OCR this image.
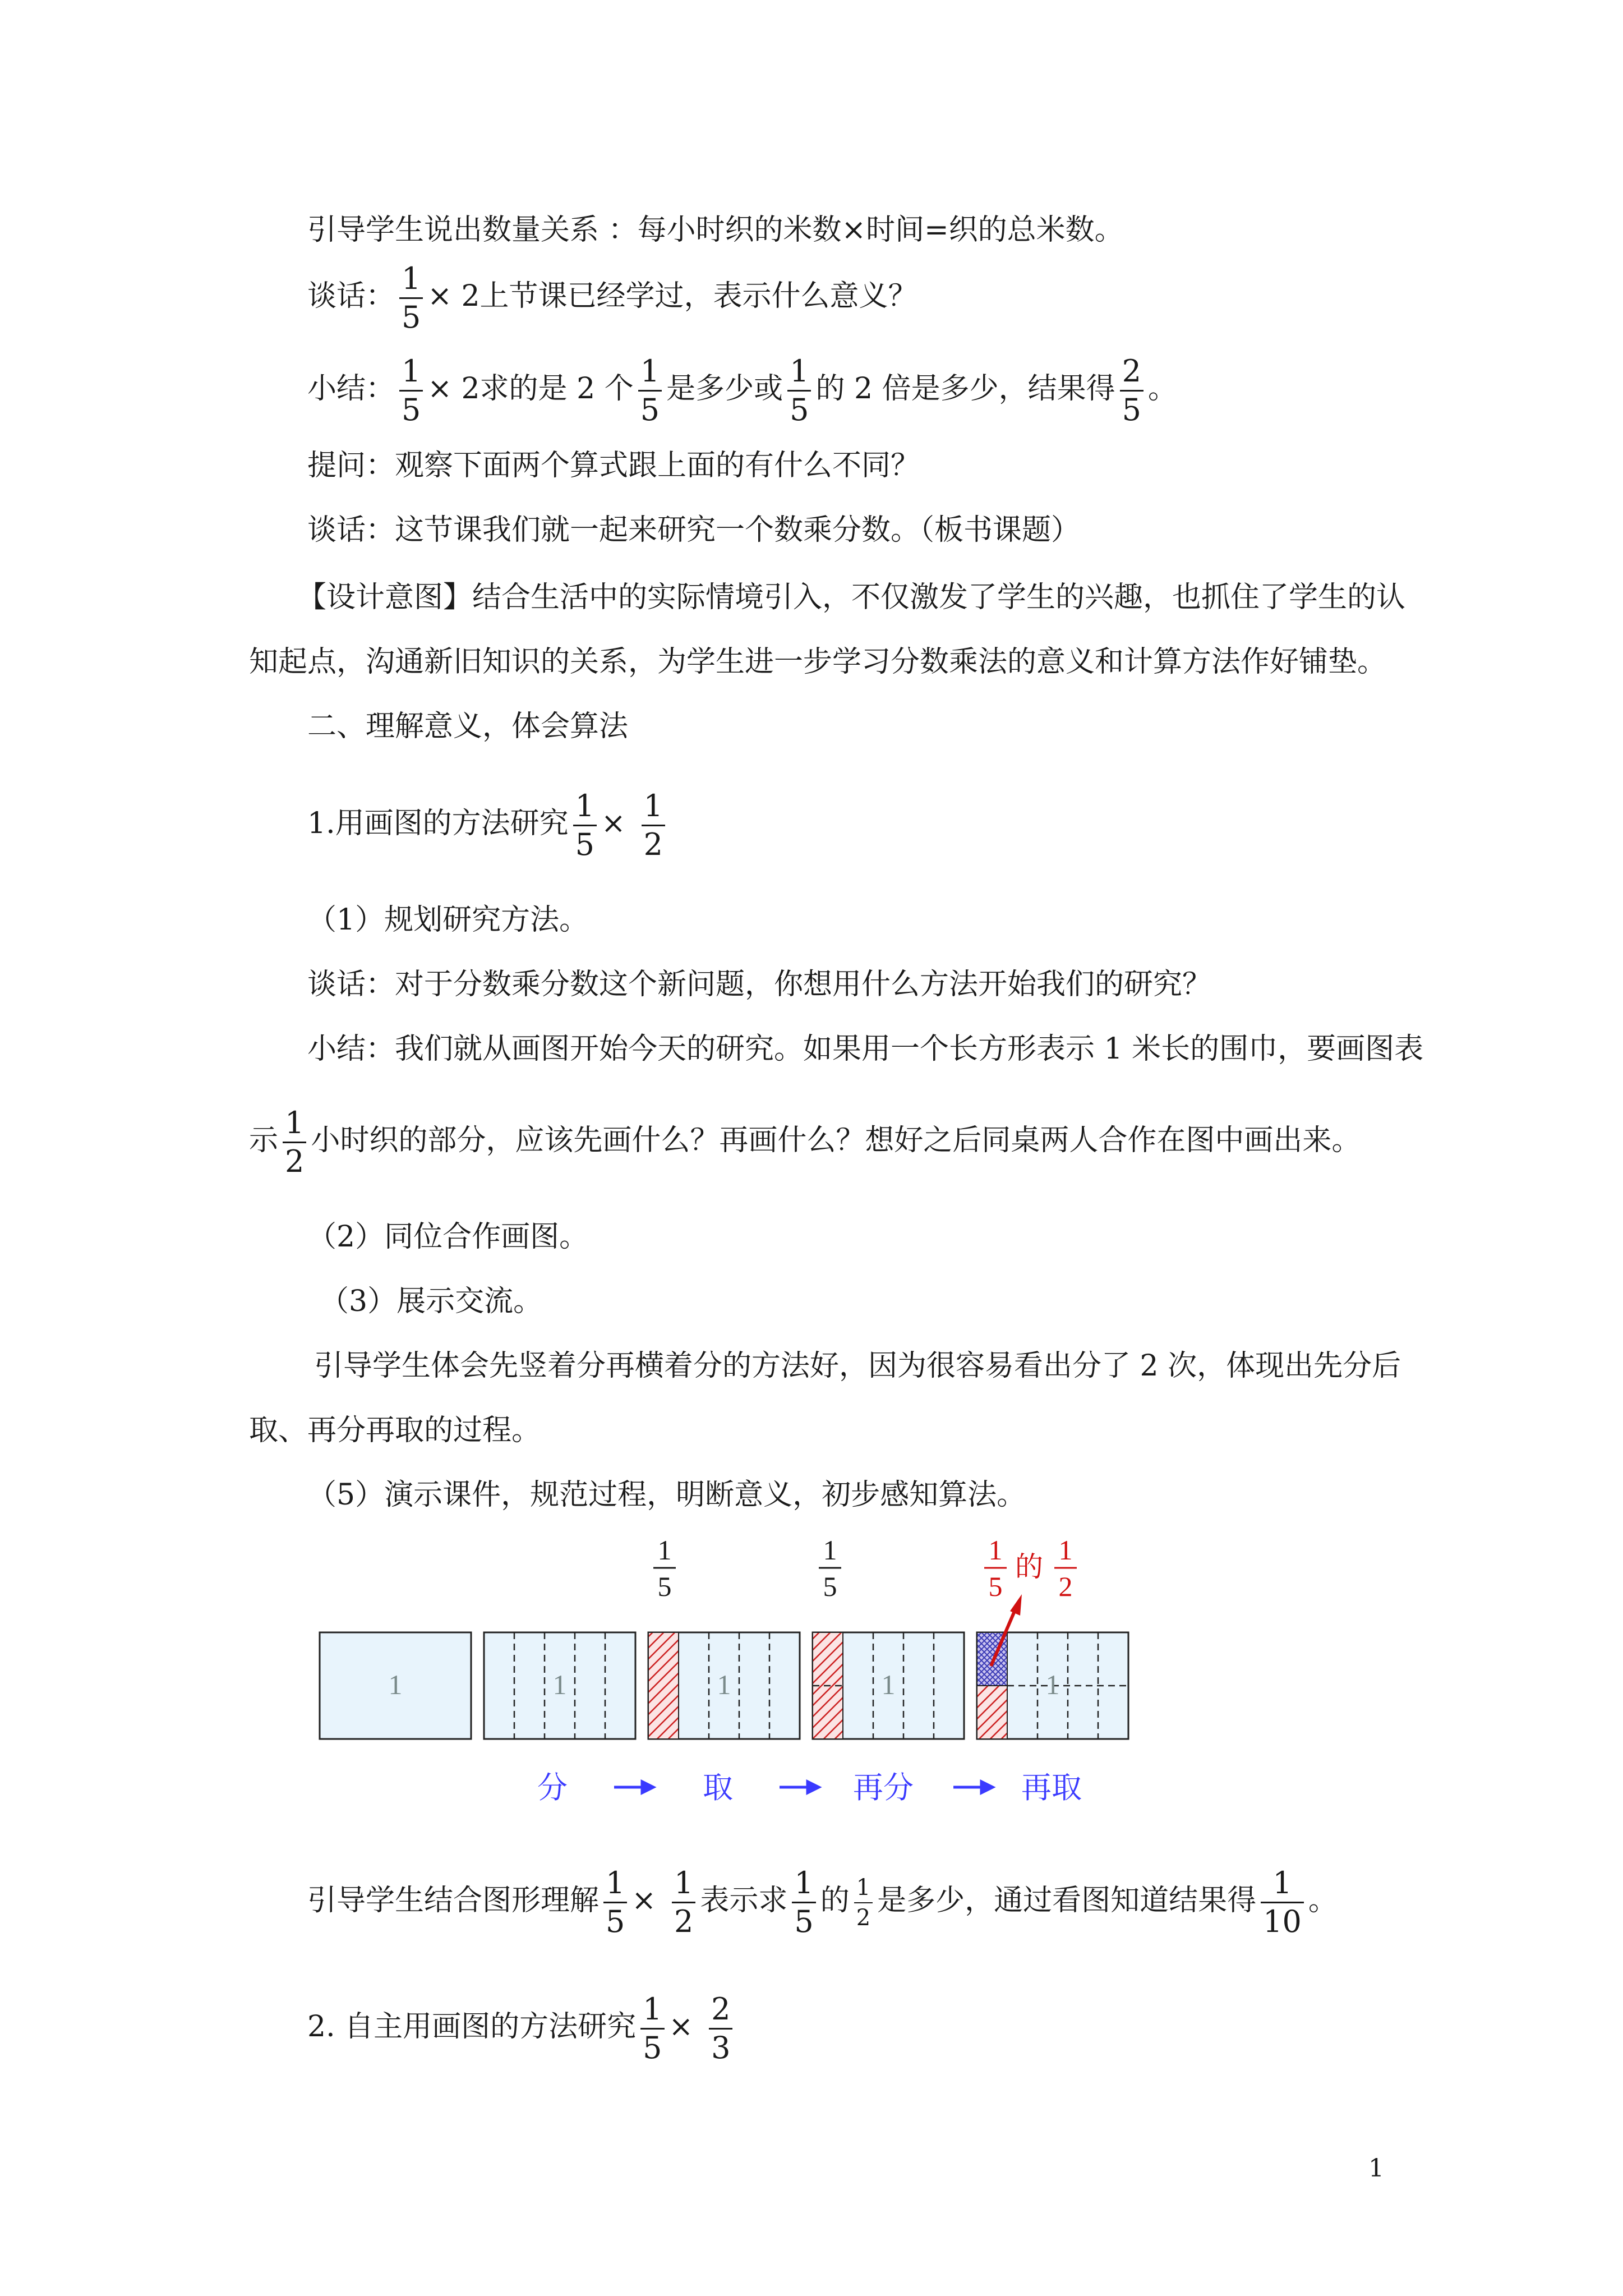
引导学生说出数量关系 ：每小时织的米数×时间=织的总米数。
谈话： $\frac{1}{5} \times 2$上节课已经学过，表示什么意义？
小结： $\frac{1}{5} \times 2$求的是 2 个 $\frac{1}{5}$ 是多少或 $\frac{1}{5}$ 的 2 倍是多少，结果得 $\frac{2}{5}$ 。
提问：观察下面两个算式跟上面的有什么不同？
谈话：这节课我们就一起来研究一个数乘分数。（板书课题）
【设计意图】结合生活中的实际情境引入，不仅激发了学生的兴趣，也抓住了学生的认
知起点，沟通新旧知识的关系，为学生进一步学习分数乘法的意义和计算方法作好铺垫。
二、理解意义，体会算法
1.用画图的方法研究 $\frac{1}{5} \times \frac{1}{2}$
（1）规划研究方法。
谈话：对于分数乘分数这个新问题，你想用什么方法开始我们的研究？
小结：我们就从画图开始今天的研究。如果用一个长方形表示 1 米长的围巾，要画图表
示 $\frac{1}{2}$ 小时织的部分，应该先画什么？再画什么？想好之后同桌两人合作在图中画出来。
（2）同位合作画图。
（3）展示交流。
引导学生体会先竖着分再横着分的方法好，因为很容易看出分了 2 次，体现出先分后
取、再分再取的过程。
（5）演示课件，规范过程，明断意义，初步感知算法。
1
5
1
5
1
5
的
1
2
1	1	1	1	1
分	取	再分	再取
引导学生结合图形理解 $\frac{1}{5} \times \frac{1}{2}$ 表示求 $\frac{1}{5}$ 的 $\frac{1}{2}$ 是多少，通过看图知道结果得 $\frac{1}{10}$ 。
2. 自主用画图的方法研究 $\frac{1}{5} \times \frac{2}{3}$
1
